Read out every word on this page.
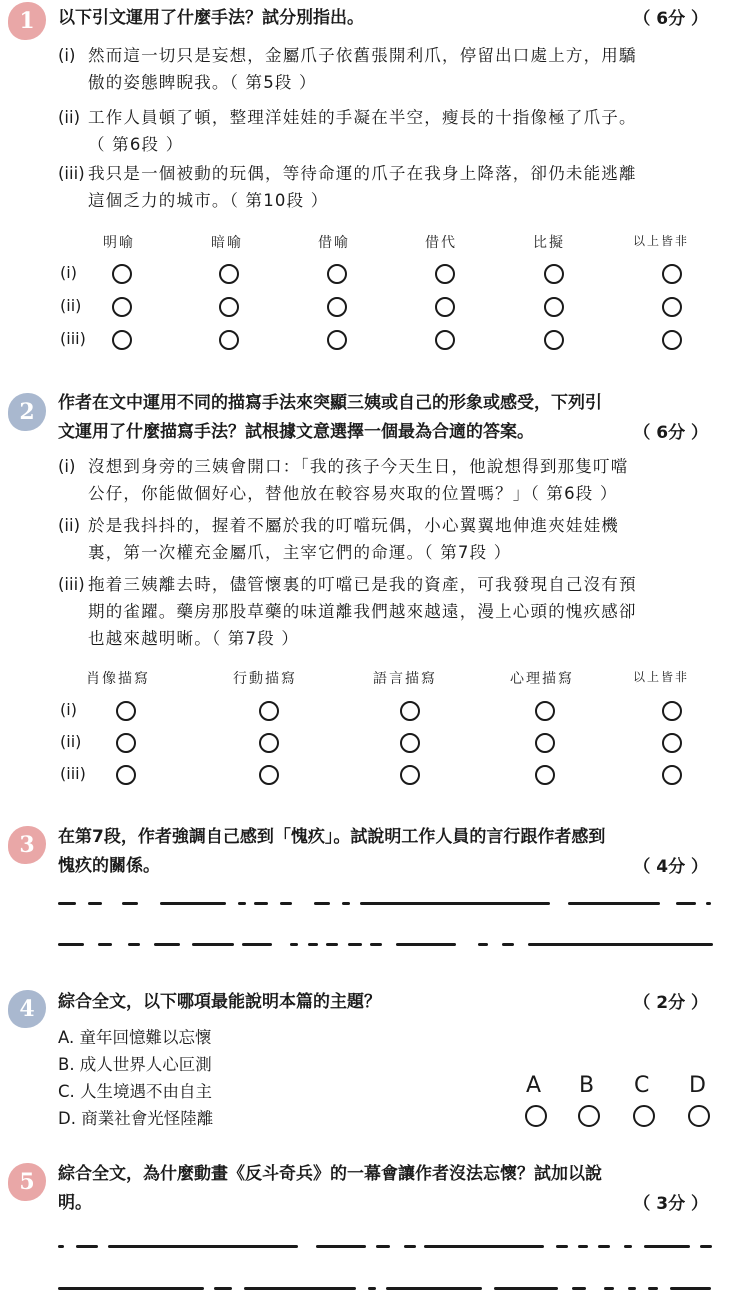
1	以下引文運用了什麼手法？試分別指出。	（ 6分 ）
(i) 然而這一切只是妄想，金屬爪子依舊張開利爪，停留出口處上方，用驕
傲的姿態睥睨我。（ 第5段 ）
(ii) 工作人員頓了頓，整理洋娃娃的手凝在半空，瘦長的十指像極了爪子。
（ 第6段 ）
(iii) 我只是一個被動的玩偶，等待命運的爪子在我身上降落，卻仍未能逃離
這個乏力的城市。（ 第10段 ）
明喻	暗喻	借喻	借代	比擬	以上皆非
(i)
(ii)
(iii)
2	作者在文中運用不同的描寫手法來突顯三姨或自己的形象或感受，下列引
文運用了什麼描寫手法？試根據文意選擇一個最為合適的答案。	（ 6分 ）
(i) 沒想到身旁的三姨會開口：「我的孩子今天生日，他說想得到那隻叮噹
公仔，你能做個好心，替他放在較容易夾取的位置嗎？」（ 第6段 ）
(ii) 於是我抖抖的，握着不屬於我的叮噹玩偶，小心翼翼地伸進夾娃娃機
裏，第一次權充金屬爪，主宰它們的命運。（ 第7段 ）
(iii) 拖着三姨離去時，儘管懷裏的叮噹已是我的資產，可我發現自己沒有預
期的雀躍。藥房那股草藥的味道離我們越來越遠，漫上心頭的愧疚感卻
也越來越明晰。（ 第7段 ）
肖像描寫	行動描寫	語言描寫	心理描寫	以上皆非
(i)
(ii)
(iii)
3	在第7段，作者強調自己感到「愧疚」。試說明工作人員的言行跟作者感到
愧疚的關係。	（ 4分 ）
4	綜合全文，以下哪項最能說明本篇的主題？	（ 2分 ）
A. 童年回憶難以忘懷
B. 成人世界人心叵測
C. 人生境遇不由自主
D. 商業社會光怪陸離
A B C D
5	綜合全文，為什麼動畫《反斗奇兵》的一幕會讓作者沒法忘懷？試加以說
明。	（ 3分 ）
